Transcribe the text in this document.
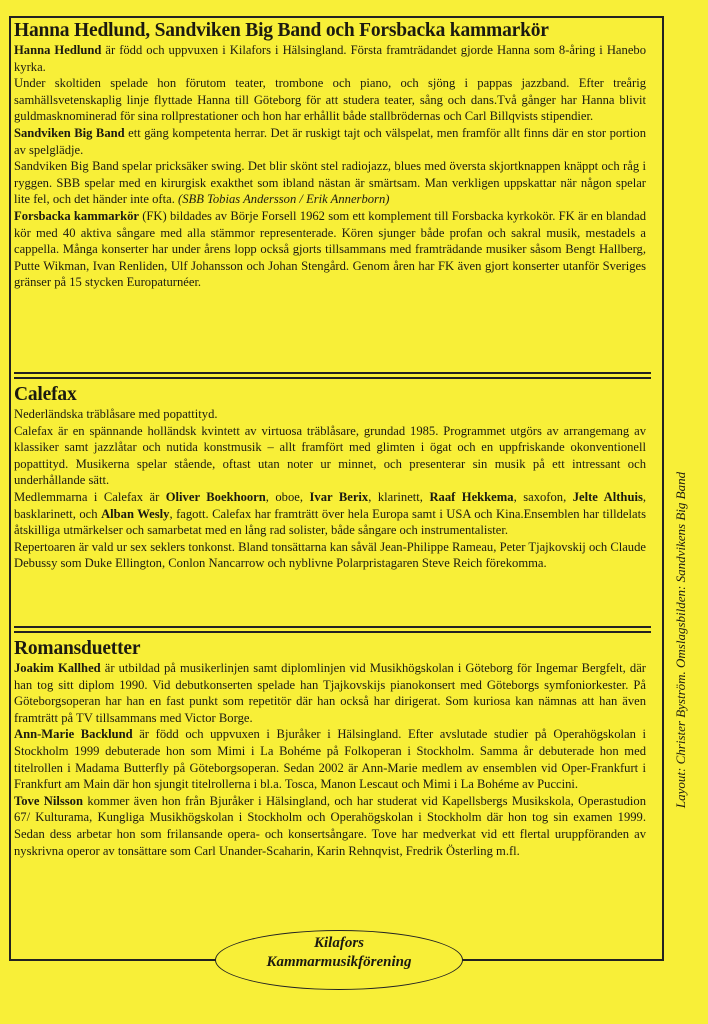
Hanna Hedlund, Sandviken Big Band och Forsbacka kammarkör

Hanna Hedlund är född och uppvuxen i Kilafors i Hälsingland. Första framträdandet gjorde Hanna som 8-åring i Hanebo kyrka.

Under skoltiden spelade hon förutom teater, trombone och piano, och sjöng i pappas jazzband. Efter treårig samhällsvetenskaplig linje flyttade Hanna till Göteborg för att studera teater, sång och dans.Två gånger har Hanna blivit guldmasknominerad för sina rollprestationer och hon har erhållit både stallbrödernas och Carl Billqvists stipendier.

Sandviken Big Band ett gäng kompetenta herrar. Det är ruskigt tajt och välspelat, men framför allt finns där en stor portion av spelglädje.

Sandviken Big Band spelar pricksäker swing. Det blir skönt stel radiojazz, blues med översta skjortknappen knäppt och råg i ryggen. SBB spelar med en kirurgisk exakthet som ibland nästan är smärtsam. Man verkligen uppskattar när någon spelar lite fel, och det händer inte ofta. (SBB Tobias Andersson / Erik Annerborn)

Forsbacka kammarkör (FK) bildades av Börje Forsell 1962 som ett komplement till Forsbacka kyrkokör. FK är en blandad kör med 40 aktiva sångare med alla stämmor representerade. Kören sjunger både profan och sakral musik, mestadels a cappella. Många konserter har under årens lopp också gjorts tillsammans med framträdande musiker såsom Bengt Hallberg, Putte Wikman, Ivan Renliden, Ulf Johansson och Johan Stengård. Genom åren har FK även gjort konserter utanför Sveriges gränser på 15 stycken Europaturnéer.

Calefax

Nederländska träblåsare med popattityd.

Calefax är en spännande holländsk kvintett av virtuosa träblåsare, grundad 1985. Programmet utgörs av arrangemang av klassiker samt jazzlåtar och nutida konstmusik – allt framfört med glimten i ögat och en uppfriskande okonventionell popattityd. Musikerna spelar stående, oftast utan noter ur minnet, och presenterar sin musik på ett intressant och underhållande sätt.

Medlemmarna i Calefax är Oliver Boekhoorn, oboe, Ivar Berix, klarinett, Raaf Hekkema, saxofon, Jelte Althuis, basklarinett, och Alban Wesly, fagott. Calefax har framträtt över hela Europa samt i USA och Kina.Ensemblen har tilldelats åtskilliga utmärkelser och samarbetat med en lång rad solister, både sångare och instrumentalister.

Repertoaren är vald ur sex seklers tonkonst. Bland tonsättarna kan såväl Jean-Philippe Rameau, Peter Tjajkovskij och Claude Debussy som Duke Ellington, Conlon Nancarrow och nyblivne Polarpristagaren Steve Reich förekomma.

Romansduetter

Joakim Kallhed är utbildad på musikerlinjen samt diplomlinjen vid Musikhögskolan i Göteborg för Ingemar Bergfelt, där han tog sitt diplom 1990. Vid debutkonserten spelade han Tjajkovskijs pianokonsert med Göteborgs symfoniorkester. På Göteborgsoperan har han en fast punkt som repetitör där han också har dirigerat. Som kuriosa kan nämnas att han även framträtt på TV tillsammans med Victor Borge.

Ann-Marie Backlund är född och uppvuxen i Bjuråker i Hälsingland. Efter avslutade studier på Operahögskolan i Stockholm 1999 debuterade hon som Mimi i La Bohéme på Folkoperan i Stockholm. Samma år debuterade hon med titelrollen i Madama Butterfly på Göteborgsoperan. Sedan 2002 är Ann-Marie medlem av ensemblen vid Oper-Frankfurt i Frankfurt am Main där hon sjungit titelrollerna i bl.a. Tosca, Manon Lescaut och Mimi i La Bohéme av Puccini.

Tove Nilsson kommer även hon från Bjuråker i Hälsingland, och har studerat vid Kapellsbergs Musikskola, Operastudion 67/ Kulturama, Kungliga Musikhögskolan i Stockholm och Operahögskolan i Stockholm där hon tog sin examen 1999. Sedan dess arbetar hon som frilansande opera- och konsertsångare. Tove har medverkat vid ett flertal uruppföranden av nyskrivna operor av tonsättare som Carl Unander-Scaharin, Karin Rehnqvist, Fredrik Österling m.fl.

Kilafors
Kammarmusikförening
Layout: Christer Byström. Omslagsbilden: Sandvikens Big Band
